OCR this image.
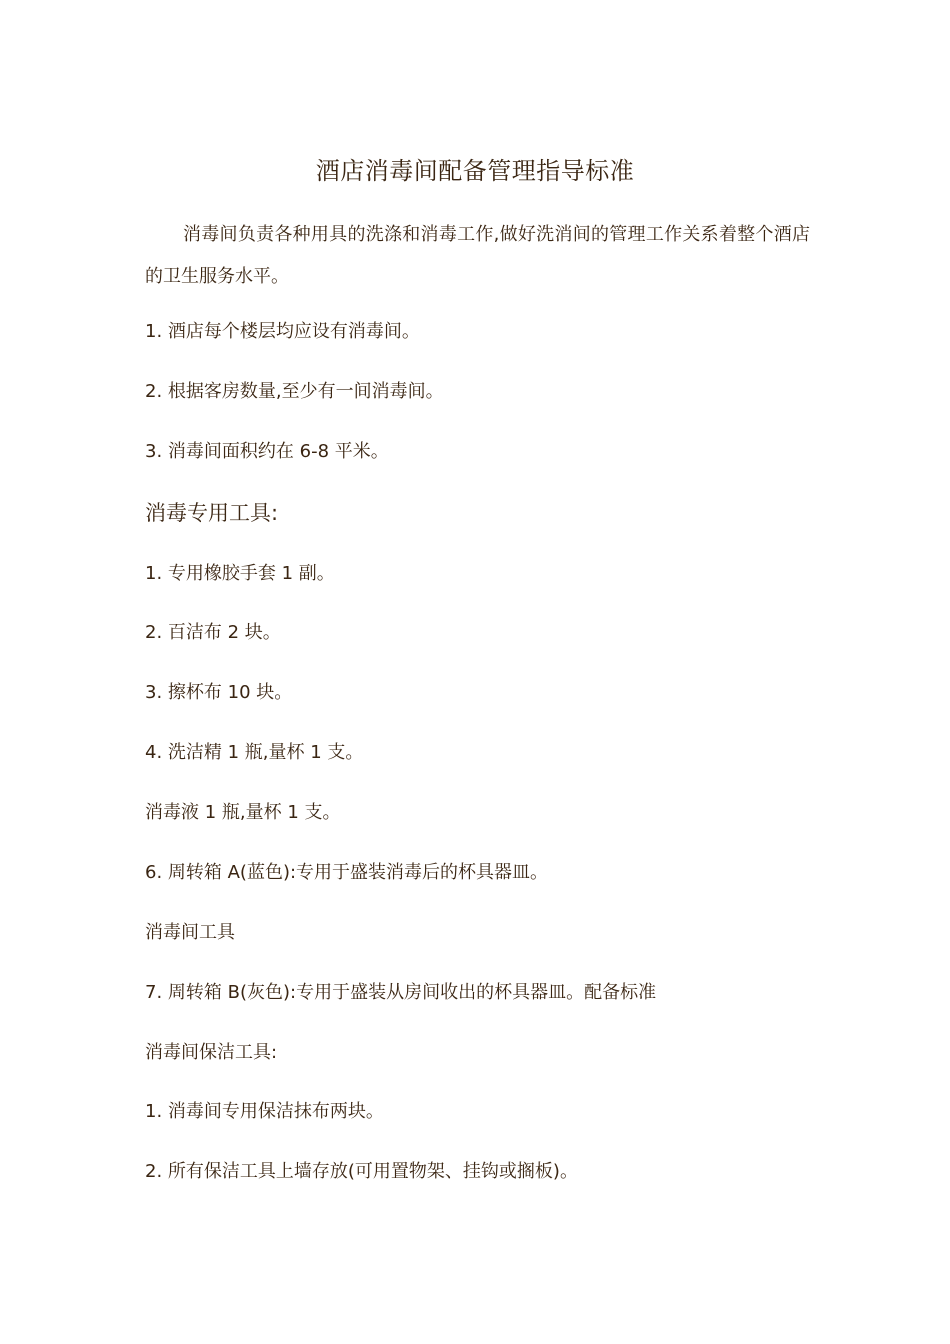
酒店消毒间配备管理指导标准

消毒间负责各种用具的洗涤和消毒工作,做好洗消间的管理工作关系着整个酒店的卫生服务水平。

1. 酒店每个楼层均应设有消毒间。

2. 根据客房数量,至少有一间消毒间。

3. 消毒间面积约在 6-8 平米。

消毒专用工具:

1. 专用橡胶手套 1 副。

2. 百洁布 2 块。

3. 擦杯布 10 块。

4. 洗洁精 1 瓶,量杯 1 支。

消毒液 1 瓶,量杯 1 支。

6. 周转箱 A(蓝色):专用于盛装消毒后的杯具器皿。

消毒间工具

7. 周转箱 B(灰色):专用于盛装从房间收出的杯具器皿。配备标准

消毒间保洁工具:

1. 消毒间专用保洁抹布两块。

2. 所有保洁工具上墙存放(可用置物架、挂钩或搁板)。
